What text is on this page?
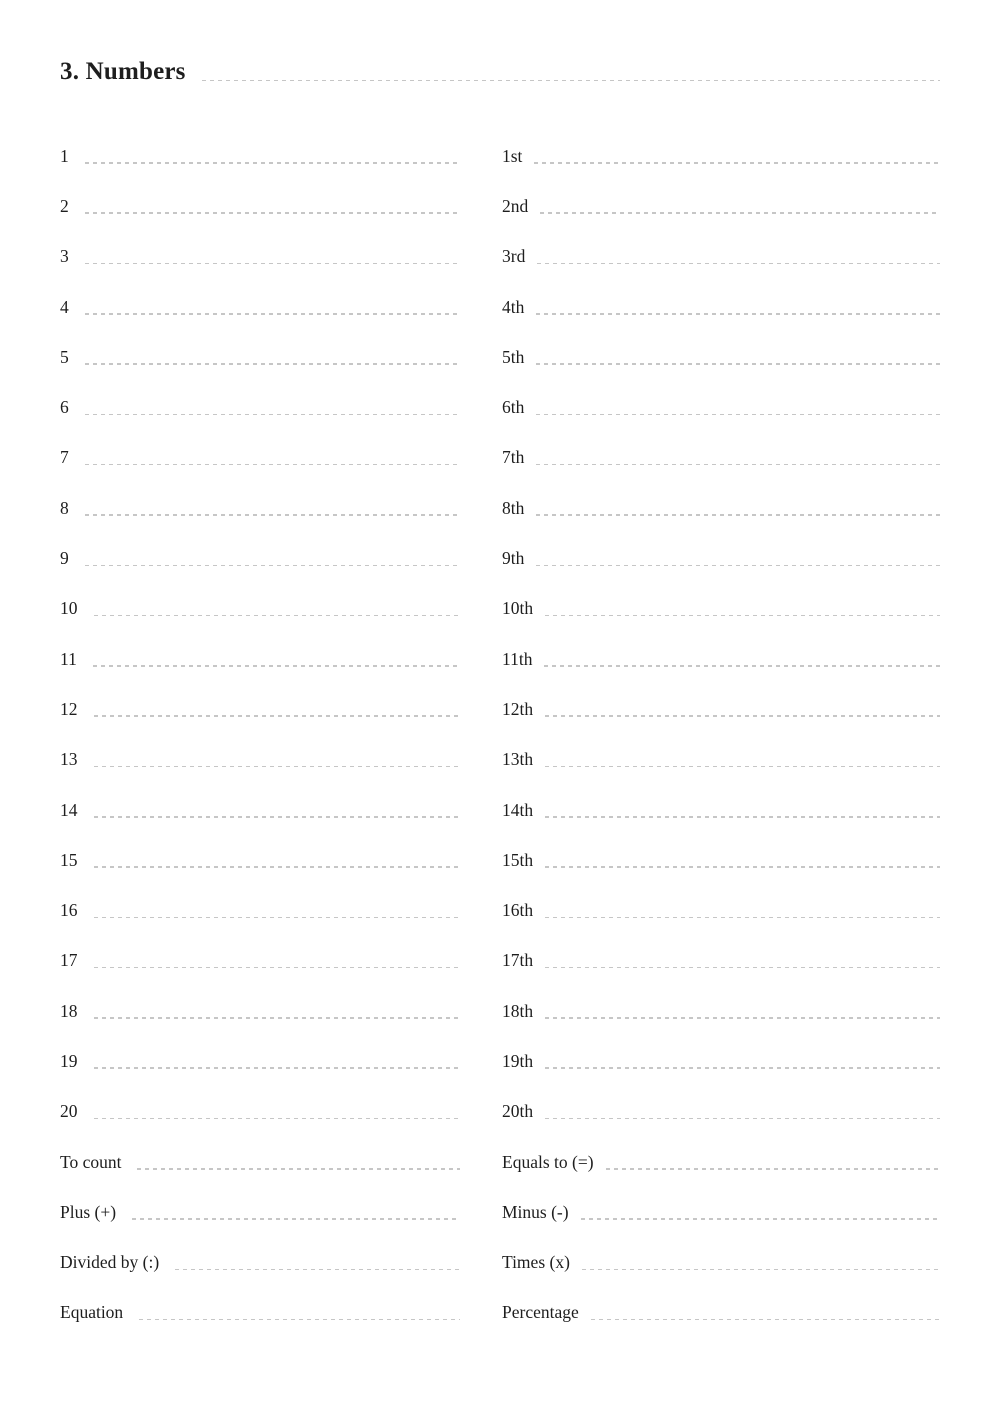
3. Numbers
1	1st
2	2nd
3	3rd
4	4th
5	5th
6	6th
7	7th
8	8th
9	9th
10	10th
11	11th
12	12th
13	13th
14	14th
15	15th
16	16th
17	17th
18	18th
19	19th
20	20th
To count	Equals to (=)
Plus (+)	Minus (-)
Divided by (:)	Times (x)
Equation	Percentage
